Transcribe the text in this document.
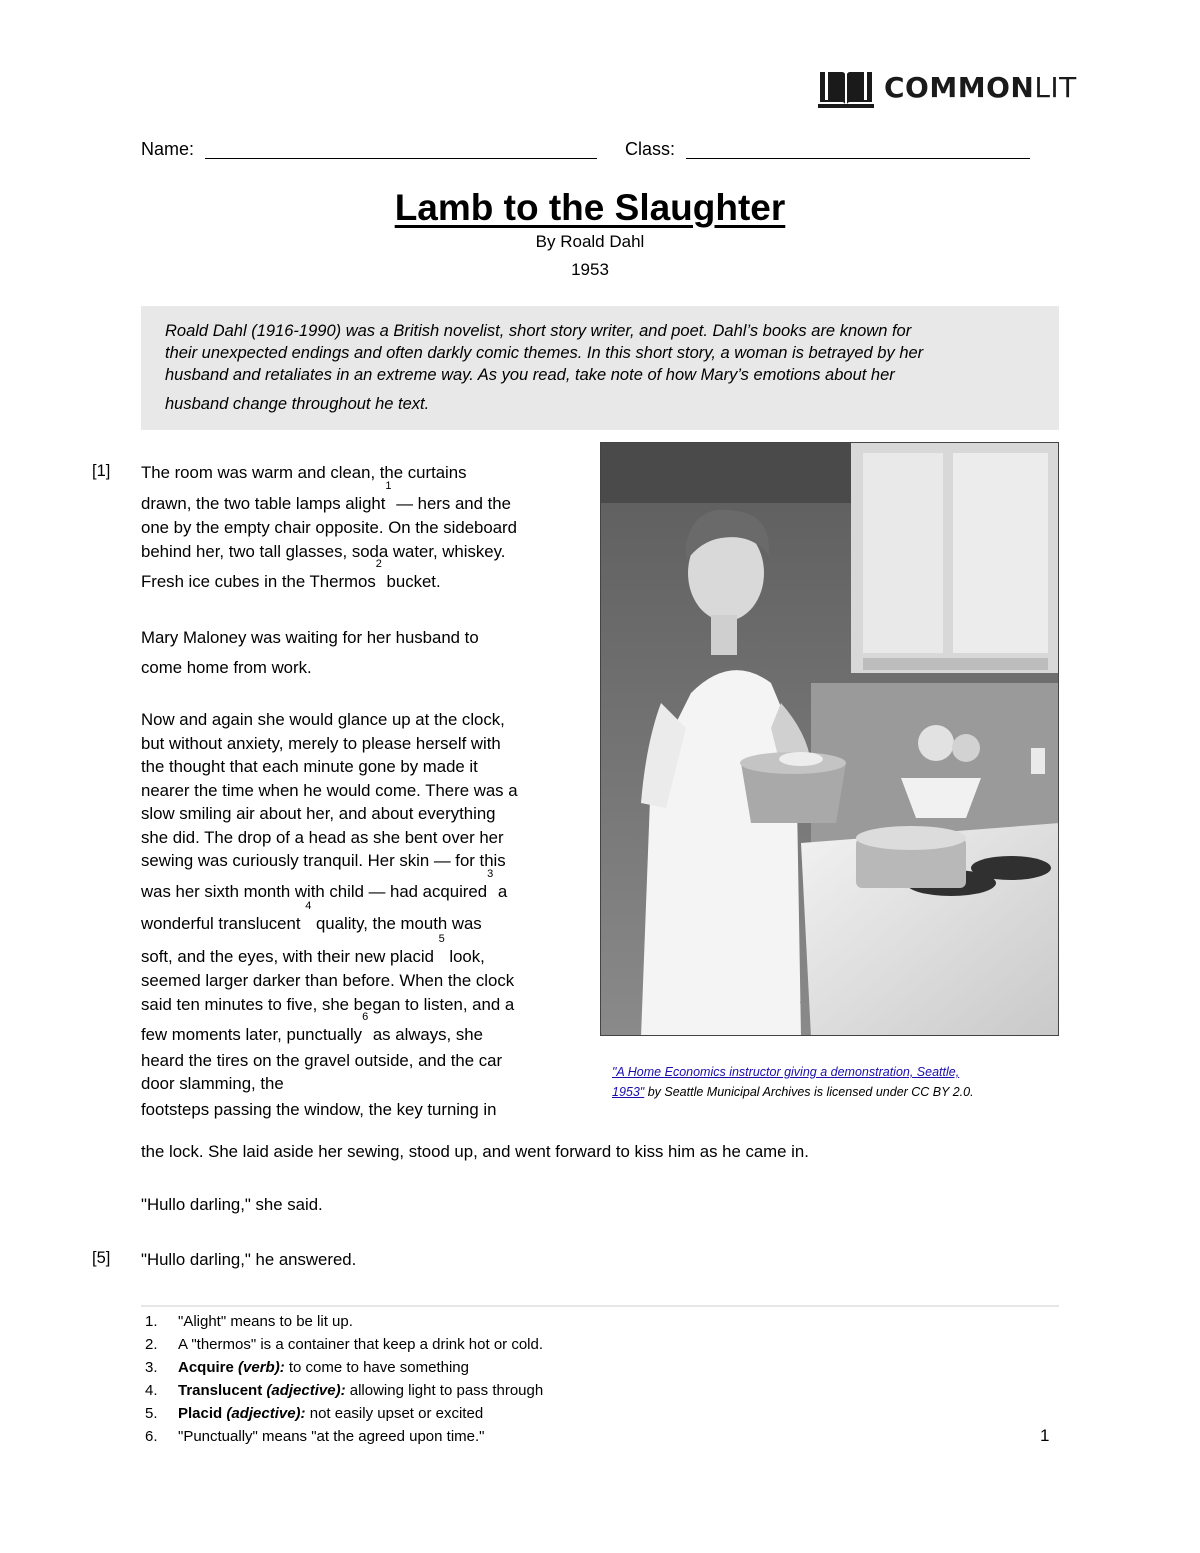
COMMONLIT
Name:	Class:
Lamb to the Slaughter
By Roald Dahl
1953

Roald Dahl (1916-1990) was a British novelist, short story writer, and poet. Dahl’s books are known for
their unexpected endings and often darkly comic themes. In this short story, a woman is betrayed by her
husband and retaliates in an extreme way. As you read, take note of how Mary’s emotions about her
husband change throughout he text.

[1]
[5]
The room was warm and clean, the curtains
drawn, the two table lamps alight$^1$ — hers and the
one by the empty chair opposite. On the sideboard
behind her, two tall glasses, soda water, whiskey.
Fresh ice cubes in the Thermos$^2$ bucket.
Mary Maloney was waiting for her husband to
come home from work.
Now and again she would glance up at the clock,
but without anxiety, merely to please herself with
the thought that each minute gone by made it
nearer the time when he would come. There was a
slow smiling air about her, and about everything
she did. The drop of a head as she bent over her
sewing was curiously tranquil. Her skin — for this
was her sixth month with child — had acquired$^3$ a
wonderful translucent $^4$ quality, the mouth was
soft, and the eyes, with their new placid $^5$ look,
seemed larger darker than before. When the clock
said ten minutes to five, she began to listen, and a
few moments later, punctually$^6$ as always, she
heard the tires on the gravel outside, and the car
door slamming, the
footsteps passing the window, the key turning in
the lock. She laid aside her sewing, stood up, and went forward to kiss him as he came in.
"Hullo darling," she said.
"Hullo darling," he answered.
"A Home Economics instructor giving a demonstration, Seattle,
1953" by Seattle Municipal Archives is licensed under CC BY 2.0.
1.	"Alight" means to be lit up.
2.	A "thermos" is a container that keep a drink hot or cold.
3.	Acquire (verb): to come to have something
4.	Translucent (adjective): allowing light to pass through
5.	Placid (adjective): not easily upset or excited
6.	"Punctually" means "at the agreed upon time."	1
